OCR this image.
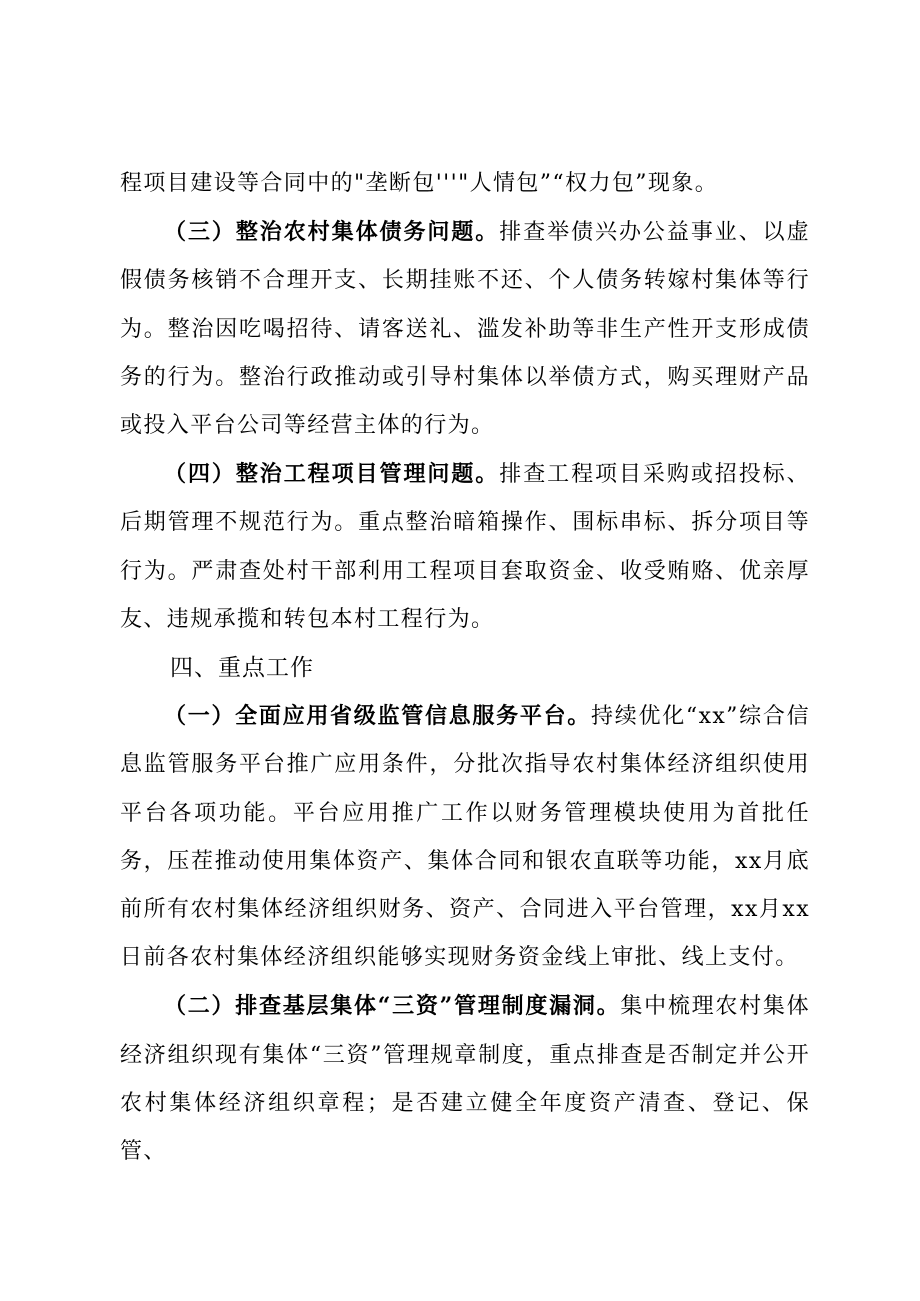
程项目建设等合同中的"垄断包'''"人情包”“权力包”现象。

（三）整治农村集体债务问题。排查举债兴办公益事业、以虚假债务核销不合理开支、长期挂账不还、个人债务转嫁村集体等行为。整治因吃喝招待、请客送礼、滥发补助等非生产性开支形成债务的行为。整治行政推动或引导村集体以举债方式，购买理财产品或投入平台公司等经营主体的行为。

（四）整治工程项目管理问题。排查工程项目采购或招投标、后期管理不规范行为。重点整治暗箱操作、围标串标、拆分项目等行为。严肃查处村干部利用工程项目套取资金、收受贿赂、优亲厚友、违规承揽和转包本村工程行为。

四、重点工作

（一）全面应用省级监管信息服务平台。持续优化“xx”综合信息监管服务平台推广应用条件，分批次指导农村集体经济组织使用平台各项功能。平台应用推广工作以财务管理模块使用为首批任务，压茬推动使用集体资产、集体合同和银农直联等功能，xx月底前所有农村集体经济组织财务、资产、合同进入平台管理，xx月xx日前各农村集体经济组织能够实现财务资金线上审批、线上支付。

（二）排查基层集体“三资”管理制度漏洞。集中梳理农村集体经济组织现有集体“三资”管理规章制度，重点排查是否制定并公开农村集体经济组织章程；是否建立健全年度资产清查、登记、保管、
